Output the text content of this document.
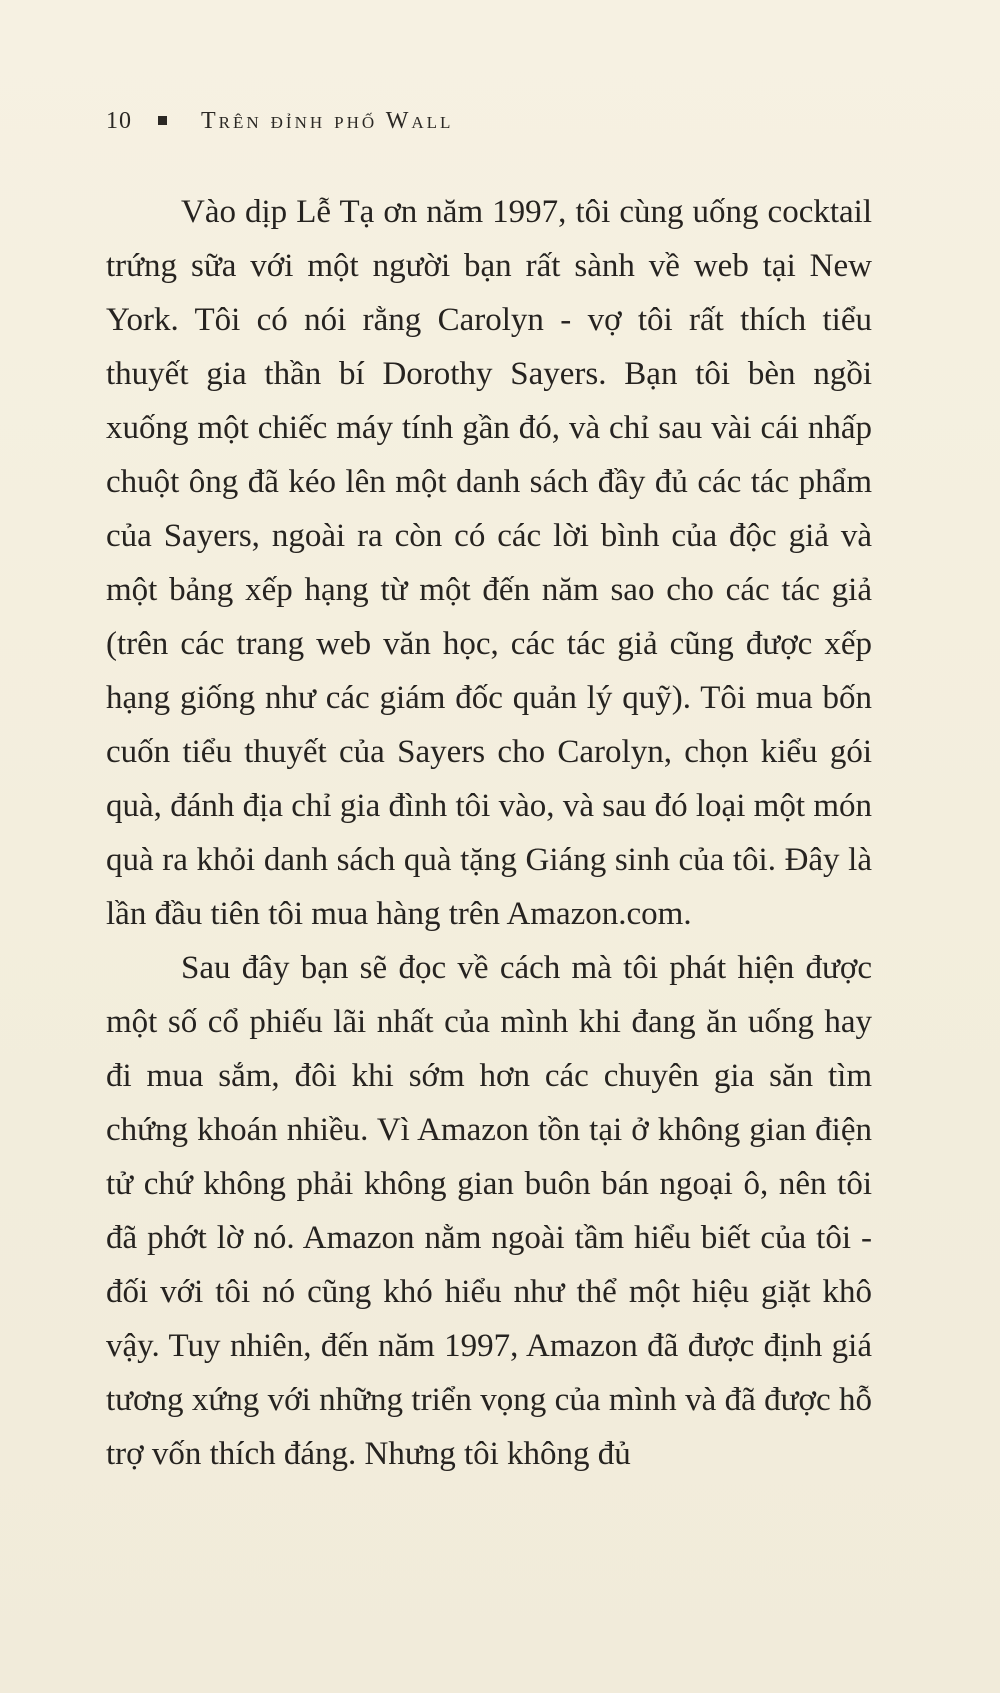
10	Trên đỉnh phố Wall

Vào dịp Lễ Tạ ơn năm 1997, tôi cùng uống cocktail trứng sữa với một người bạn rất sành về web tại New York. Tôi có nói rằng Carolyn - vợ tôi rất thích tiểu thuyết gia thần bí Dorothy Sayers. Bạn tôi bèn ngồi xuống một chiếc máy tính gần đó, và chỉ sau vài cái nhấp chuột ông đã kéo lên một danh sách đầy đủ các tác phẩm của Sayers, ngoài ra còn có các lời bình của độc giả và một bảng xếp hạng từ một đến năm sao cho các tác giả (trên các trang web văn học, các tác giả cũng được xếp hạng giống như các giám đốc quản lý quỹ). Tôi mua bốn cuốn tiểu thuyết của Sayers cho Carolyn, chọn kiểu gói quà, đánh địa chỉ gia đình tôi vào, và sau đó loại một món quà ra khỏi danh sách quà tặng Giáng sinh của tôi. Đây là lần đầu tiên tôi mua hàng trên Amazon.com.

Sau đây bạn sẽ đọc về cách mà tôi phát hiện được một số cổ phiếu lãi nhất của mình khi đang ăn uống hay đi mua sắm, đôi khi sớm hơn các chuyên gia săn tìm chứng khoán nhiều. Vì Amazon tồn tại ở không gian điện tử chứ không phải không gian buôn bán ngoại ô, nên tôi đã phớt lờ nó. Amazon nằm ngoài tầm hiểu biết của tôi - đối với tôi nó cũng khó hiểu như thể một hiệu giặt khô vậy. Tuy nhiên, đến năm 1997, Amazon đã được định giá tương xứng với những triển vọng của mình và đã được hỗ trợ vốn thích đáng. Nhưng tôi không đủ
